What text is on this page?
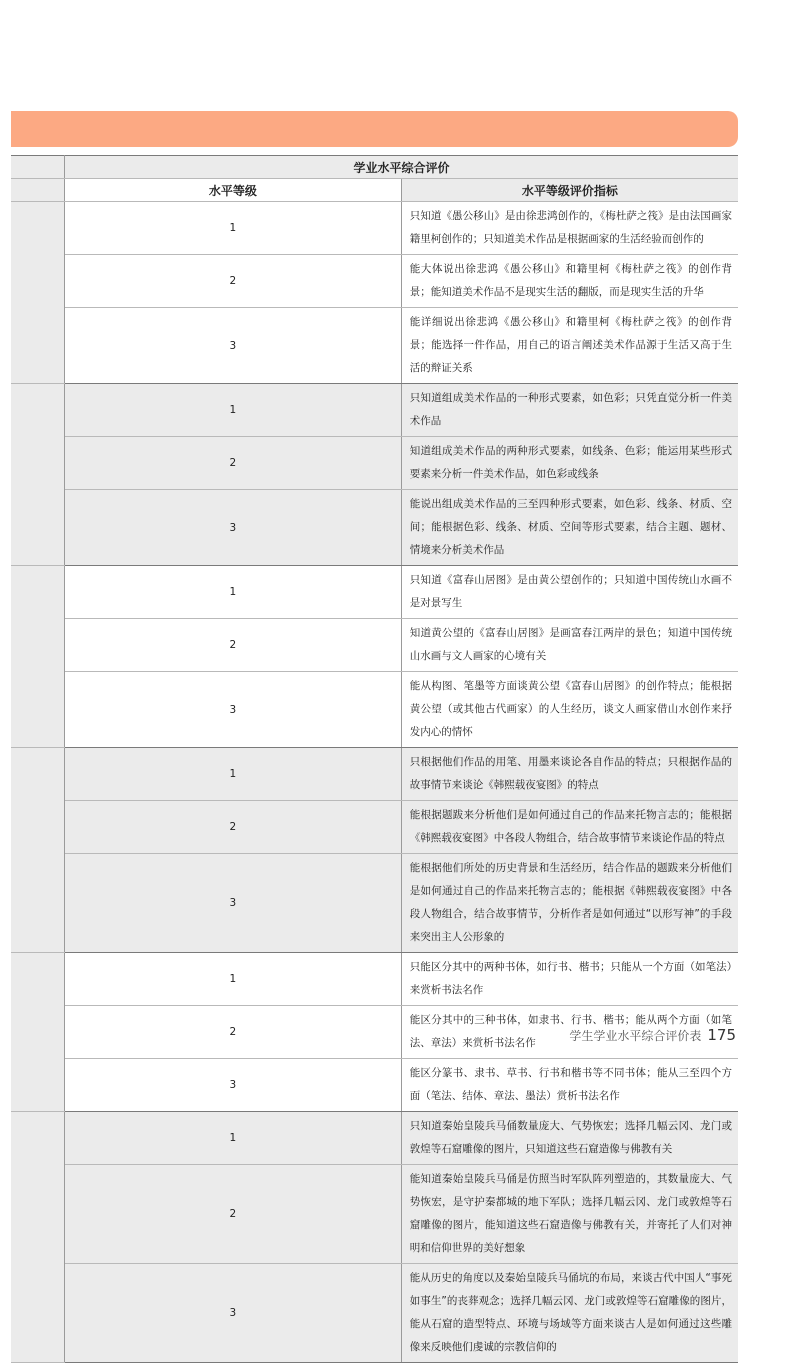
	学业水平综合评价	
	水平等级	水平等级评价指标
	1	只知道《愚公移山》是由徐悲鸿创作的，《梅杜萨之筏》是由法国画家籍里柯创作的；只知道美术作品是根据画家的生活经验而创作的
	2	能大体说出徐悲鸿《愚公移山》和籍里柯《梅杜萨之筏》的创作背景；能知道美术作品不是现实生活的翻版，而是现实生活的升华
	3	能详细说出徐悲鸿《愚公移山》和籍里柯《梅杜萨之筏》的创作背景；能选择一件作品，用自己的语言阐述美术作品源于生活又高于生活的辩证关系
	1	只知道组成美术作品的一种形式要素，如色彩；只凭直觉分析一件美术作品
	2	知道组成美术作品的两种形式要素，如线条、色彩；能运用某些形式要素来分析一件美术作品，如色彩或线条
	3	能说出组成美术作品的三至四种形式要素，如色彩、线条、材质、空间；能根据色彩、线条、材质、空间等形式要素，结合主题、题材、情境来分析美术作品
	1	只知道《富春山居图》是由黄公望创作的；只知道中国传统山水画不是对景写生
	2	知道黄公望的《富春山居图》是画富春江两岸的景色；知道中国传统山水画与文人画家的心境有关
	3	能从构图、笔墨等方面谈黄公望《富春山居图》的创作特点；能根据黄公望（或其他古代画家）的人生经历，谈文人画家借山水创作来抒发内心的情怀
	1	只根据他们作品的用笔、用墨来谈论各自作品的特点；只根据作品的故事情节来谈论《韩熙载夜宴图》的特点
	2	能根据题跋来分析他们是如何通过自己的作品来托物言志的；能根据《韩熙载夜宴图》中各段人物组合，结合故事情节来谈论作品的特点
	3	能根据他们所处的历史背景和生活经历，结合作品的题跋来分析他们是如何通过自己的作品来托物言志的；能根据《韩熙载夜宴图》中各段人物组合，结合故事情节，分析作者是如何通过“以形写神”的手段来突出主人公形象的
	1	只能区分其中的两种书体，如行书、楷书；只能从一个方面（如笔法）来赏析书法名作
	2	能区分其中的三种书体，如隶书、行书、楷书；能从两个方面（如笔法、章法）来赏析书法名作
	3	能区分篆书、隶书、草书、行书和楷书等不同书体；能从三至四个方面（笔法、结体、章法、墨法）赏析书法名作
	1	只知道秦始皇陵兵马俑数量庞大、气势恢宏；选择几幅云冈、龙门或敦煌等石窟雕像的图片，只知道这些石窟造像与佛教有关
	2	能知道秦始皇陵兵马俑是仿照当时军队阵列塑造的，其数量庞大、气势恢宏，是守护秦都城的地下军队；选择几幅云冈、龙门或敦煌等石窟雕像的图片，能知道这些石窟造像与佛教有关，并寄托了人们对神明和信仰世界的美好想象
	3	能从历史的角度以及秦始皇陵兵马俑坑的布局，来谈古代中国人“事死如事生”的丧葬观念；选择几幅云冈、龙门或敦煌等石窟雕像的图片，能从石窟的造型特点、环境与场域等方面来谈古人是如何通过这些雕像来反映他们虔诚的宗教信仰的
学生学业水平综合评价表 175
